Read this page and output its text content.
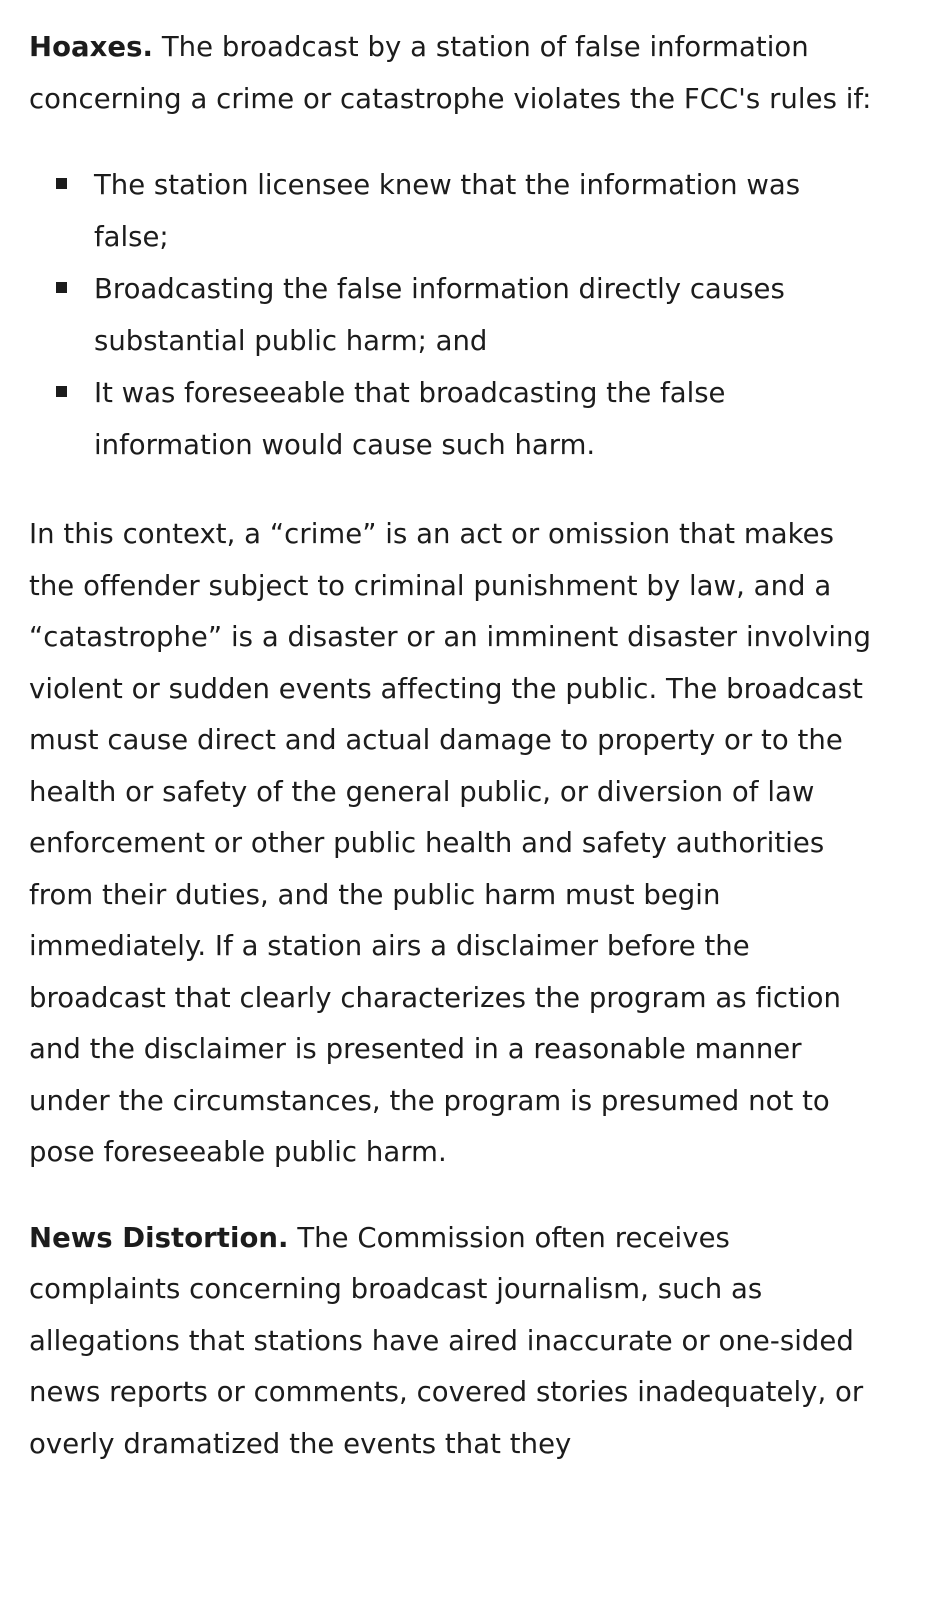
Hoaxes. The broadcast by a station of false information concerning a crime or catastrophe violates the FCC's rules if:

The station licensee knew that the information was false;
Broadcasting the false information directly causes substantial public harm; and
It was foreseeable that broadcasting the false information would cause such harm.

In this context, a “crime” is an act or omission that makes the offender subject to criminal punishment by law, and a “catastrophe” is a disaster or an imminent disaster involving violent or sudden events affecting the public. The broadcast must cause direct and actual damage to property or to the health or safety of the general public, or diversion of law enforcement or other public health and safety authorities from their duties, and the public harm must begin immediately. If a station airs a disclaimer before the broadcast that clearly characterizes the program as fiction and the disclaimer is presented in a reasonable manner under the circumstances, the program is presumed not to pose foreseeable public harm.

News Distortion. The Commission often receives complaints concerning broadcast journalism, such as allegations that stations have aired inaccurate or one-sided news reports or comments, covered stories inadequately, or overly dramatized the events that they
